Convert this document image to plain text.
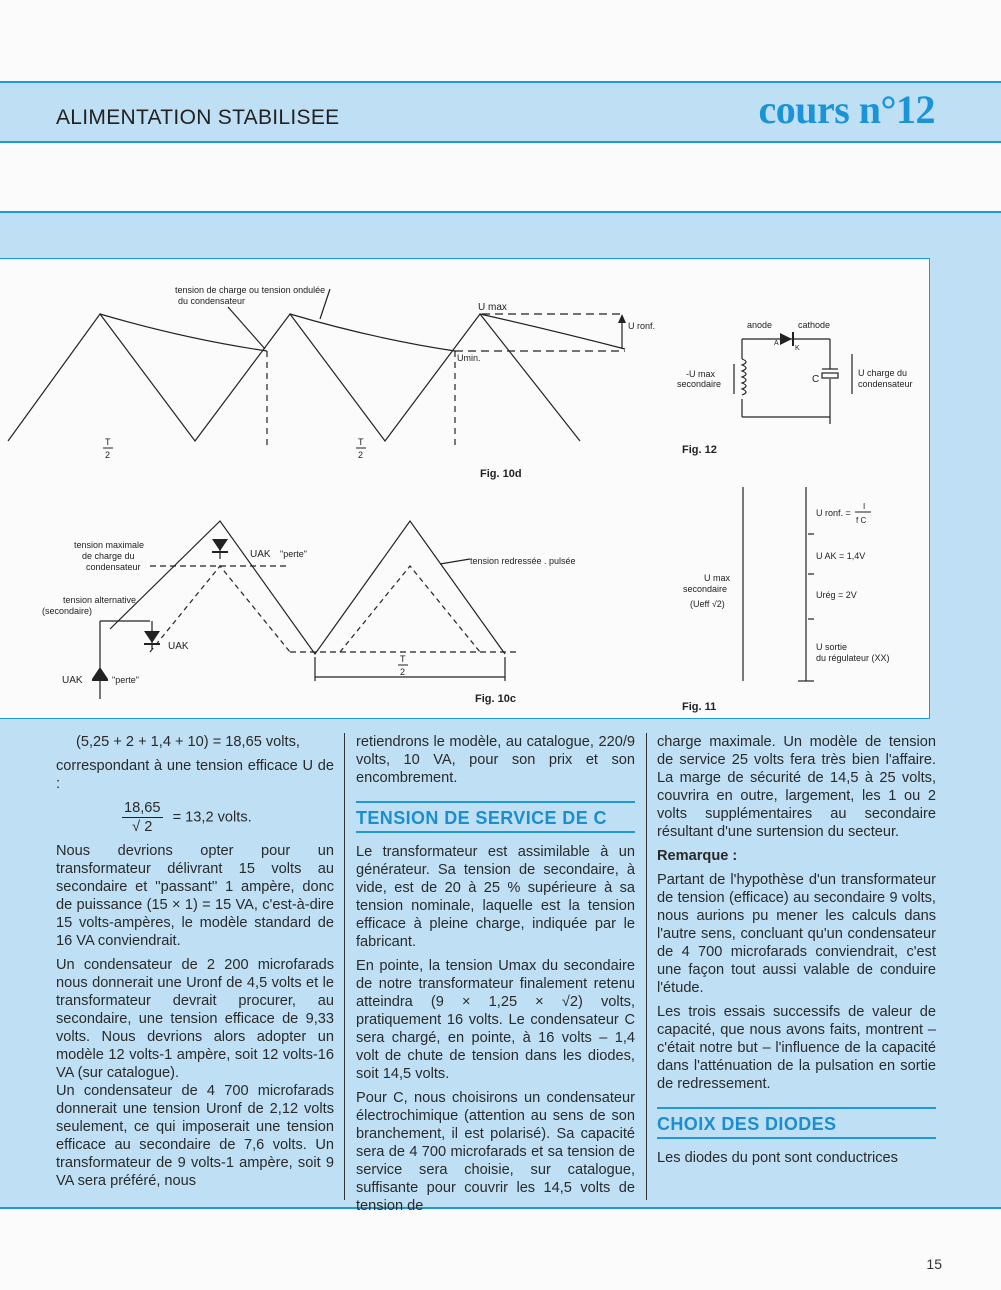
ALIMENTATION STABILISEE	cours n°12
tension de charge ou tension ondulée
du condensateur
U max
Umin.
U ronf.
T
2
T
2
Fig. 10d
tension maximale
de charge du
condensateur
tension alternative
(secondaire)
UAK "perte"
UAK
UAK	"perte"
tension redressée . pulsée
T
2
Fig. 10c
anode	cathode
A
K
-U max
secondaire	C
U charge du
condensateur
Fig. 12
U max
secondaire
(Ueff √2)
U ronf. =
I
f C
U AK = 1,4V
Urég = 2V
U sortie
du régulateur (XX)
Fig. 11

(5,25 + 2 + 1,4 + 10) = 18,65 volts,

correspondant à une tension efficace U de :

$\frac{18,65}{√ 2} = 13,2$ volts.

Nous devrions opter pour un transformateur délivrant 15 volts au secondaire et ''passant'' 1 ampère, donc de puissance (15 × 1) = 15 VA, c'est-à-dire 15 volts-ampères, le modèle standard de 16 VA conviendrait.

Un condensateur de 2 200 microfarads nous donnerait une Uronf de 4,5 volts et le transformateur devrait procurer, au secondaire, une tension efficace de 9,33 volts. Nous devrions alors adopter un modèle 12 volts-1 ampère, soit 12 volts-16 VA (sur catalogue).

Un condensateur de 4 700 microfarads donnerait une tension Uronf de 2,12 volts seulement, ce qui imposerait une tension efficace au secondaire de 7,6 volts. Un transformateur de 9 volts-1 ampère, soit 9 VA sera préféré, nous

retiendrons le modèle, au catalogue, 220/9 volts, 10 VA, pour son prix et son encombrement.

TENSION DE SERVICE DE C

Le transformateur est assimilable à un générateur. Sa tension de secondaire, à vide, est de 20 à 25 % supérieure à sa tension nominale, laquelle est la tension efficace à pleine charge, indiquée par le fabricant.

En pointe, la tension Umax du secondaire de notre transformateur finalement retenu atteindra (9 × 1,25 × √2) volts, pratiquement 16 volts. Le condensateur C sera chargé, en pointe, à 16 volts – 1,4 volt de chute de tension dans les diodes, soit 14,5 volts.

Pour C, nous choisirons un condensateur électrochimique (attention au sens de son branchement, il est polarisé). Sa capacité sera de 4 700 microfarads et sa tension de service sera choisie, sur catalogue, suffisante pour couvrir les 14,5 volts de tension de

charge maximale. Un modèle de tension de service 25 volts fera très bien l'affaire. La marge de sécurité de 14,5 à 25 volts, couvrira en outre, largement, les 1 ou 2 volts supplémentaires au secondaire résultant d'une surtension du secteur.

Remarque :

Partant de l'hypothèse d'un transformateur de tension (efficace) au secondaire 9 volts, nous aurions pu mener les calculs dans l'autre sens, concluant qu'un condensateur de 4 700 microfarads conviendrait, c'est une façon tout aussi valable de conduire l'étude.

Les trois essais successifs de valeur de capacité, que nous avons faits, montrent – c'était notre but – l'influence de la capacité dans l'atténuation de la pulsation en sortie de redressement.

CHOIX DES DIODES

Les diodes du pont sont conductrices

15
